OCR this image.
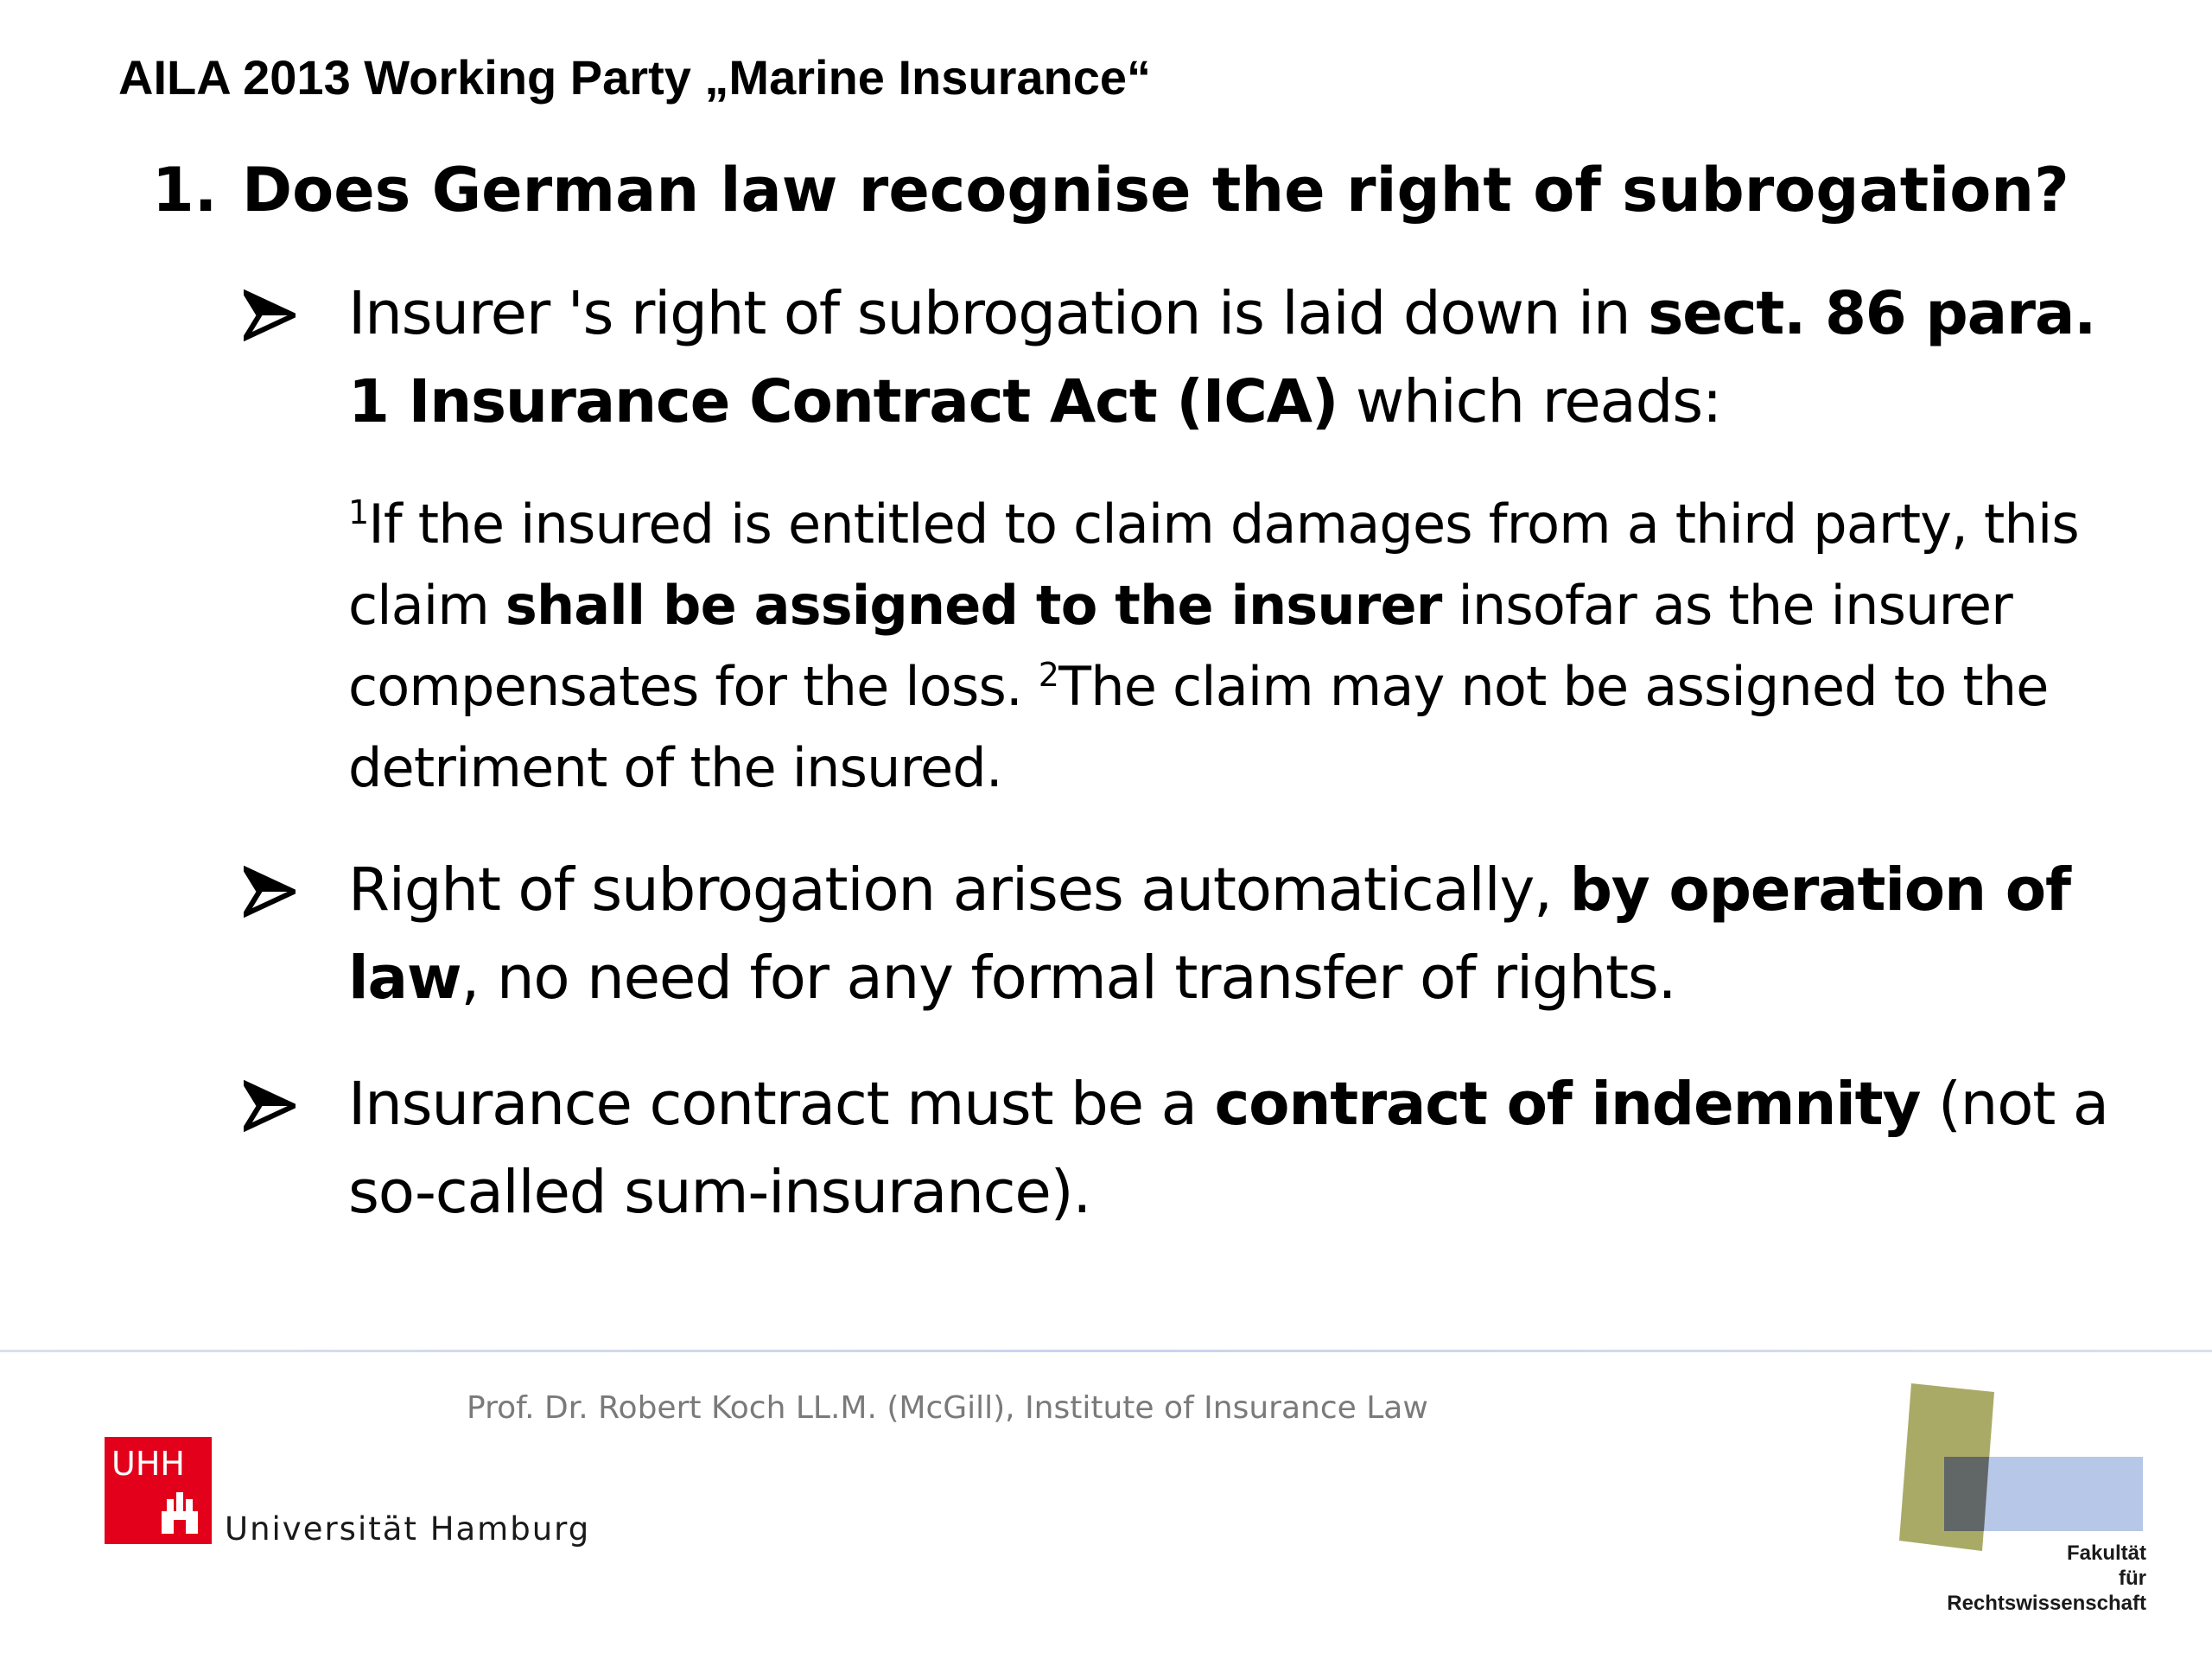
AILA 2013 Working Party „Marine Insurance“
1. Does German law recognise the right of subrogation?
Insurer 's right of subrogation is laid down in sect. 86 para. 1 Insurance Contract Act (ICA) which reads:
$^1$If the insured is entitled to claim damages from a third party, this claim shall be assigned to the insurer insofar as the insurer compensates for the loss. $^2$The claim may not be assigned to the detriment of the insured.
Right of subrogation arises automatically, by operation of law, no need for any formal transfer of rights.
Insurance contract must be a contract of indemnity (not a so-called sum-insurance).
Prof. Dr. Robert Koch LL.M. (McGill), Institute of Insurance Law
UHH
Universität Hamburg
Fakultät
für
Rechtswissenschaft
